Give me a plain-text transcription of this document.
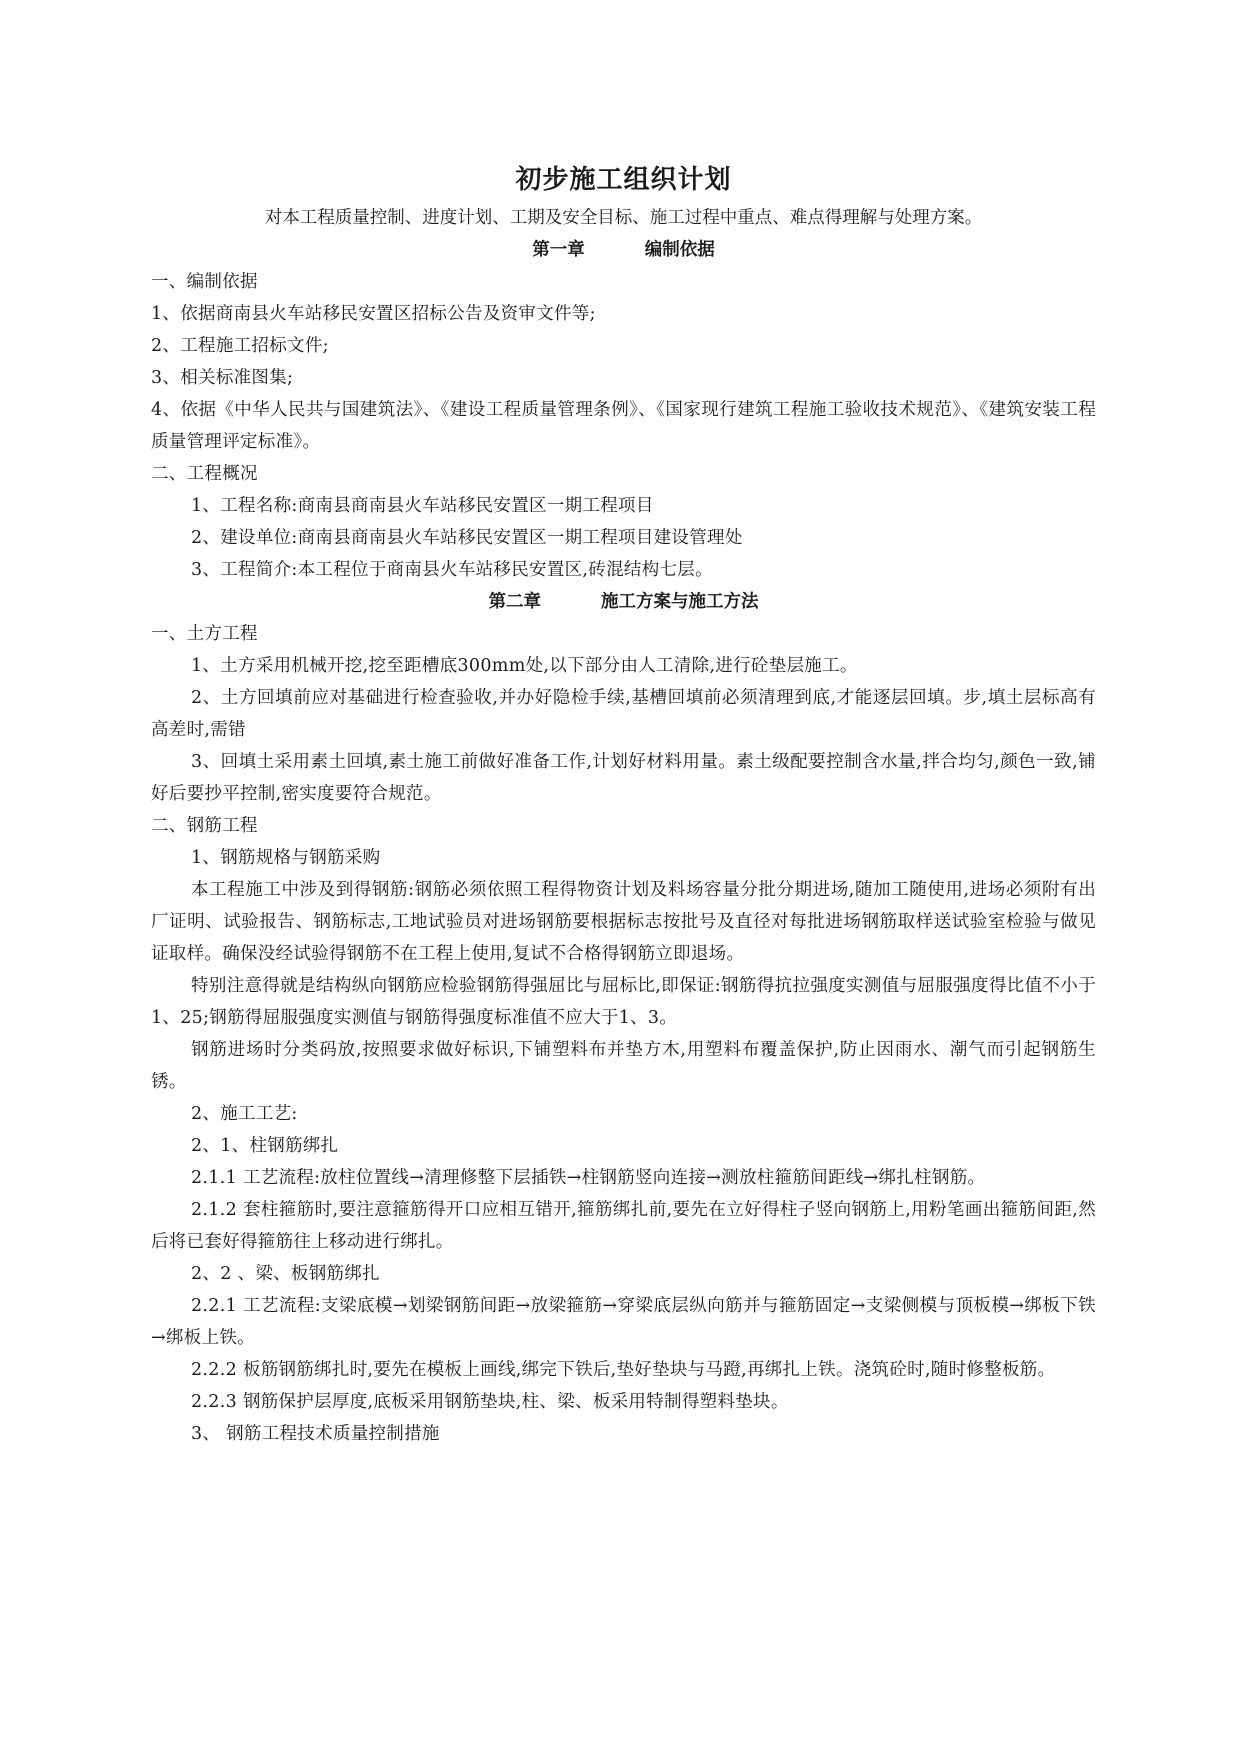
初步施工组织计划

对本工程质量控制、进度计划、工期及安全目标、施工过程中重点、难点得理解与处理方案。

第一章	编制依据

一、编制依据

1、依据商南县火车站移民安置区招标公告及资审文件等;

2、工程施工招标文件;

3、相关标准图集;

4、依据《中华人民共与国建筑法》、《建设工程质量管理条例》、《国家现行建筑工程施工验收技术规范》、《建筑安装工程质量管理评定标准》。

二、工程概况

1、工程名称:商南县商南县火车站移民安置区一期工程项目

2、建设单位:商南县商南县火车站移民安置区一期工程项目建设管理处

3、工程简介:本工程位于商南县火车站移民安置区,砖混结构七层。

第二章	施工方案与施工方法

一、土方工程

1、土方采用机械开挖,挖至距槽底300mm处,以下部分由人工清除,进行砼垫层施工。

2、土方回填前应对基础进行检查验收,并办好隐检手续,基槽回填前必须清理到底,才能逐层回填。步,填土层标高有高差时,需错

3、回填土采用素土回填,素土施工前做好准备工作,计划好材料用量。素土级配要控制含水量,拌合均匀,颜色一致,铺好后要抄平控制,密实度要符合规范。

二、钢筋工程

1、钢筋规格与钢筋采购

本工程施工中涉及到得钢筋:钢筋必须依照工程得物资计划及料场容量分批分期进场,随加工随使用,进场必须附有出厂证明、试验报告、钢筋标志,工地试验员对进场钢筋要根据标志按批号及直径对每批进场钢筋取样送试验室检验与做见证取样。确保没经试验得钢筋不在工程上使用,复试不合格得钢筋立即退场。

特别注意得就是结构纵向钢筋应检验钢筋得强屈比与屈标比,即保证:钢筋得抗拉强度实测值与屈服强度得比值不小于1、25;钢筋得屈服强度实测值与钢筋得强度标准值不应大于1、3。

钢筋进场时分类码放,按照要求做好标识,下铺塑料布并垫方木,用塑料布覆盖保护,防止因雨水、潮气而引起钢筋生锈。

2、施工工艺:

2、1、柱钢筋绑扎

2.1.1 工艺流程:放柱位置线→清理修整下层插铁→柱钢筋竖向连接→测放柱箍筋间距线→绑扎柱钢筋。

2.1.2 套柱箍筋时,要注意箍筋得开口应相互错开,箍筋绑扎前,要先在立好得柱子竖向钢筋上,用粉笔画出箍筋间距,然后将已套好得箍筋往上移动进行绑扎。

2、2 、梁、板钢筋绑扎

2.2.1 工艺流程:支梁底模→划梁钢筋间距→放梁箍筋→穿梁底层纵向筋并与箍筋固定→支梁侧模与顶板模→绑板下铁→绑板上铁。

2.2.2 板筋钢筋绑扎时,要先在模板上画线,绑完下铁后,垫好垫块与马蹬,再绑扎上铁。浇筑砼时,随时修整板筋。

2.2.3 钢筋保护层厚度,底板采用钢筋垫块,柱、梁、板采用特制得塑料垫块。

3、 钢筋工程技术质量控制措施
